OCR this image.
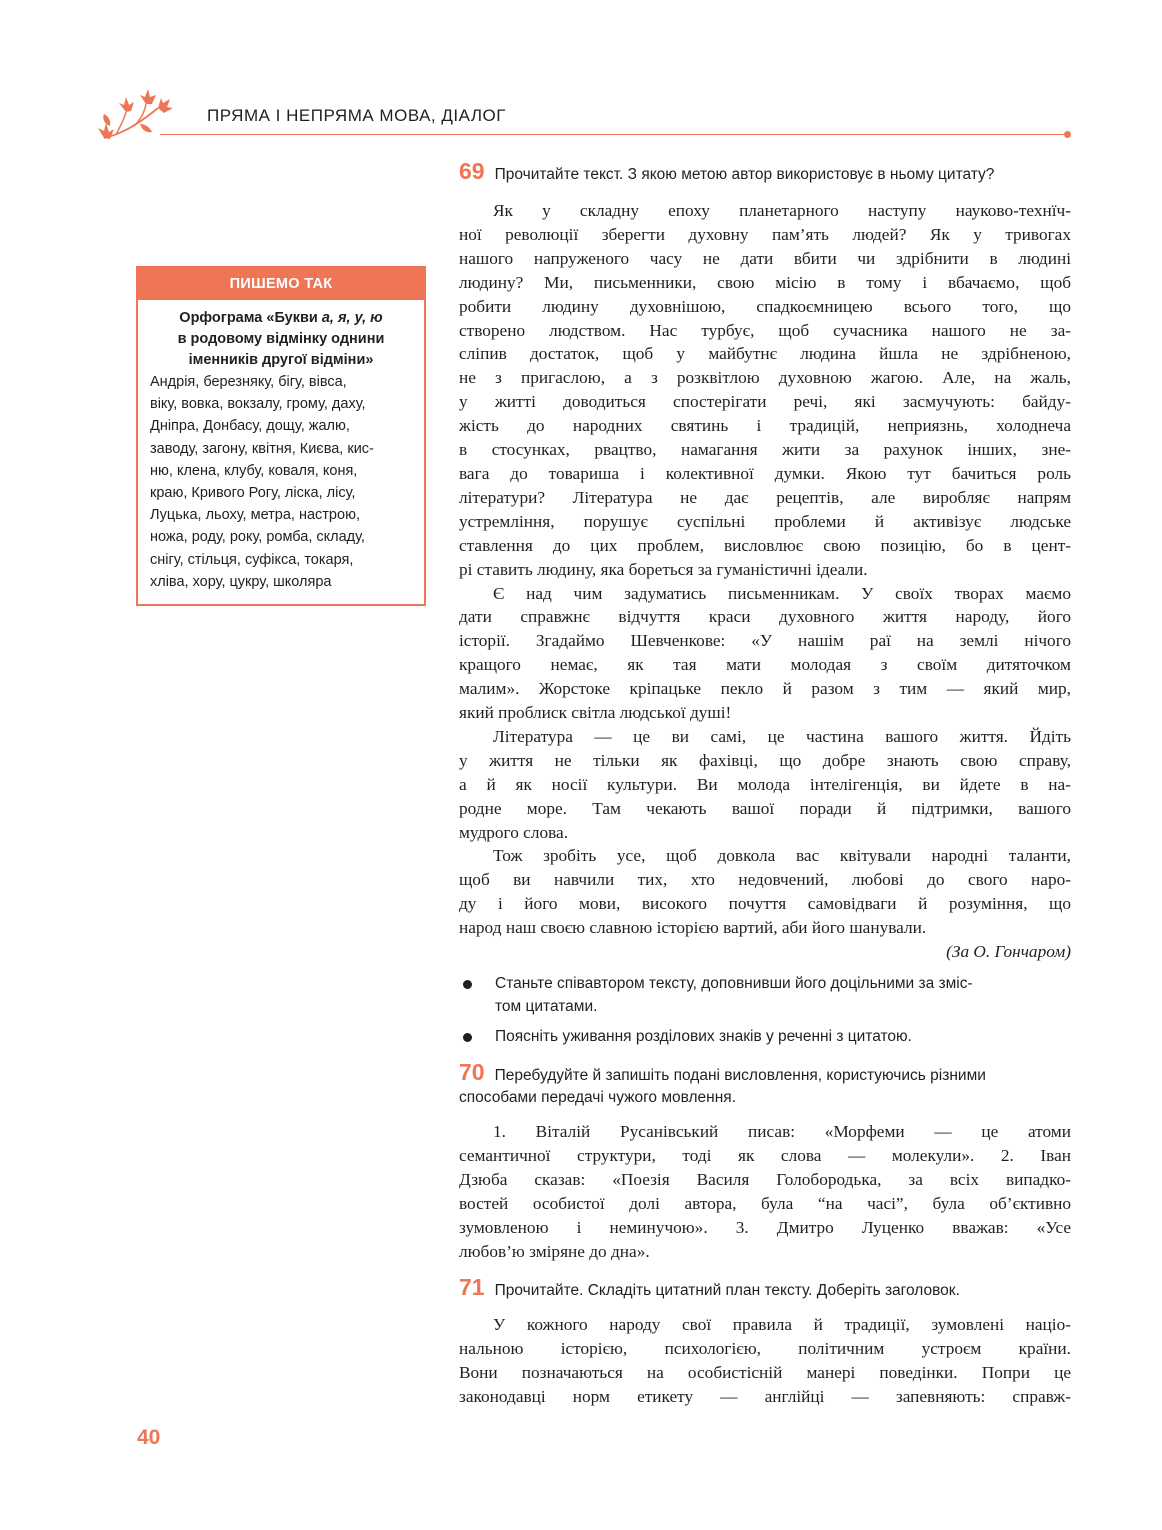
ПРЯМА І НЕПРЯМА МОВА, ДІАЛОГ
ПИШЕМО ТАК
Орфограма «Букви а, я, у, ю
в родовому відмінку однини
іменників другої відміни»
Андрія, березняку, бігу, вівса,
віку, вовка, вокзалу, грому, даху,
Дніпра, Донбасу, дощу, жалю,
заводу, загону, квітня, Києва, кис-
ню, клена, клубу, коваля, коня,
краю, Кривого Рогу, ліска, лісу,
Луцька, льоху, метра, настрою,
ножа, роду, року, ромба, складу,
снігу, стільця, суфікса, токаря,
хліва, хору, цукру, школяра
69 Прочитайте текст. З якою метою автор використовує в ньому цитату?
Як у складну епоху планетарного наступу науково-технїч-
ної революції зберегти духовну пам’ять людей? Як у тривогах
нашого напруженого часу не дати вбити чи здрібнити в людині
людину? Ми, письменники, свою місію в тому і вбачаємо, щоб
робити людину духовнішою, спадкоємницею всього того, що
створено людством. Нас турбує, щоб сучасника нашого не за-
сліпив достаток, щоб у майбутнє людина йшла не здрібненою,
не з пригаслою, а з розквітлою духовною жагою. Але, на жаль,
у житті доводиться спостерігати речі, які засмучують: байду-
жість до народних святинь і традицій, неприязнь, холоднеча
в стосунках, рвацтво, намагання жити за рахунок інших, зне-
вага до товариша і колективної думки. Якою тут бачиться роль
літератури? Література не дає рецептів, але виробляє напрям
устремління, порушує суспільні проблеми й активізує людське
ставлення до цих проблем, висловлює свою позицію, бо в цент-
рі ставить людину, яка бореться за гуманістичні ідеали.
Є над чим задуматись письменникам. У своїх творах маємо
дати справжнє відчуття краси духовного життя народу, його
історії. Згадаймо Шевченкове: «У нашім раї на землі нічого
кращого немає, як тая мати молодая з своїм дитяточком
малим». Жорстоке кріпацьке пекло й разом з тим — який мир,
який проблиск світла людської душі!
Література — це ви самі, це частина вашого життя. Йдіть
у життя не тільки як фахівці, що добре знають свою справу,
а й як носії культури. Ви молода інтелігенція, ви йдете в на-
родне море. Там чекають вашої поради й підтримки, вашого
мудрого слова.
Тож зробіть усе, щоб довкола вас квітували народні таланти,
щоб ви навчили тих, хто недовчений, любові до свого наро-
ду і його мови, високого почуття самовідваги й розуміння, що
народ наш своєю славною історією вартий, аби його шанували.
(За О. Гончаром)
Станьте співавтором тексту, доповнивши його доцільними за зміс-
том цитатами.
Поясніть уживання розділових знаків у реченні з цитатою.
70 Перебудуйте й запишіть подані висловлення, користуючись різними
способами передачі чужого мовлення.
1. Віталій Русанівський писав: «Морфеми — це атоми
семантичної структури, тоді як слова — молекули». 2. Іван
Дзюба сказав: «Поезія Василя Голобородька, за всіх випадко-
востей особистої долі автора, була “на часі”, була об’єктивно
зумовленою і неминучою». 3. Дмитро Луценко вважав: «Усе
любов’ю зміряне до дна».
71 Прочитайте. Складіть цитатний план тексту. Доберіть заголовок.
У кожного народу свої правила й традиції, зумовлені націо-
нальною історією, психологією, політичним устроєм країни.
Вони позначаються на особистісній манері поведінки. Попри це
законодавці норм етикету — англійці — запевняють: справж-
40
